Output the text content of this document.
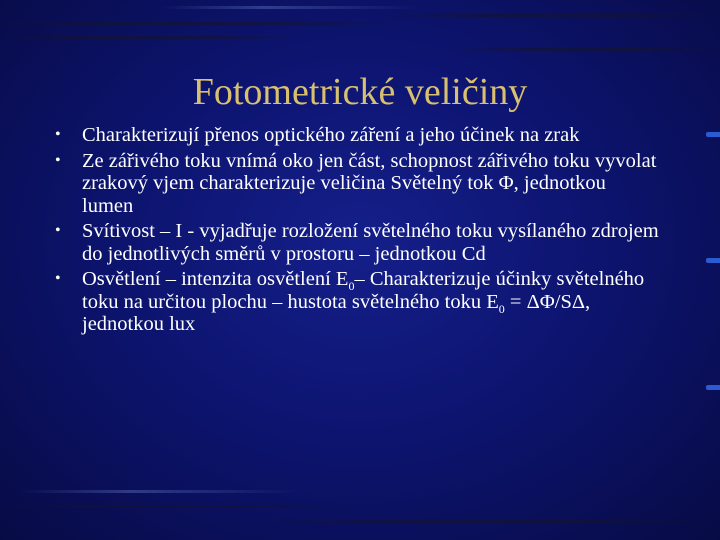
Fotometrické veličiny
• Charakterizují přenos optického záření a jeho účinek na zrak
• Ze zářivého toku vnímá oko jen část, schopnost zářivého toku vyvolat zrakový vjem charakterizuje veličina Světelný tok Φ, jednotkou lumen
• Svítivost – I - vyjadřuje rozložení světelného toku vysílaného zdrojem do jednotlivých směrů v prostoru – jednotkou Cd
• Osvětlení – intenzita osvětlení $E_0-$ Charakterizuje účinky světelného toku na určitou plochu – hustota světelného toku $E_0 = \Delta\Phi/S\Delta$, jednotkou lux
